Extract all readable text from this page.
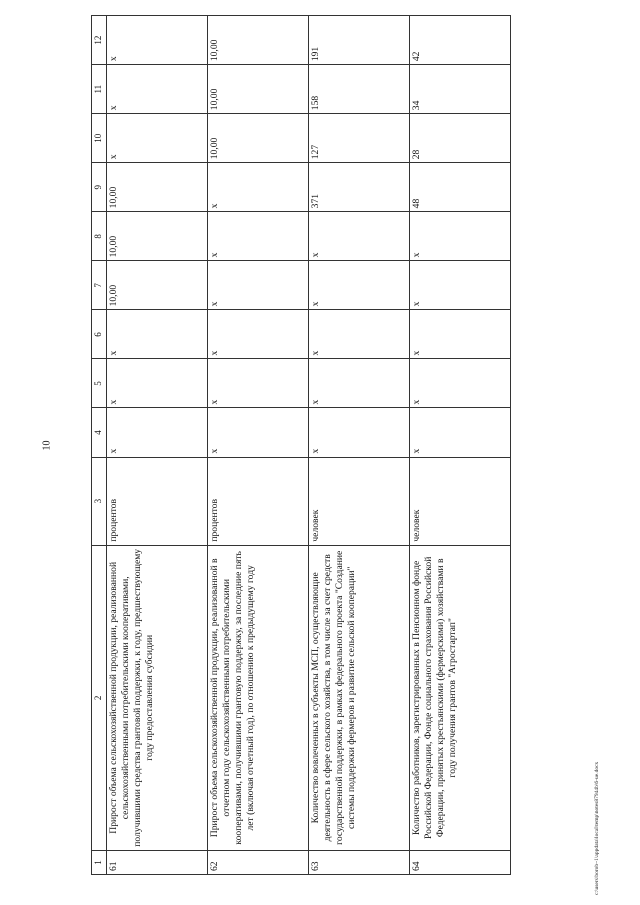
10
1	2	3	4	5	6	7	8	9	10	11	12
61	Прирост объема сельскохозяйственной продукции, реализованной сельскохозяйственными потребительскими кооперативами, получившими средства грантовой поддержки, к году, предшествующему году предоставления субсидии	процентов	x	x	x	10,00	10,00	10,00	x	x	x
62	Прирост объема сельскохозяйственной продукции, реализованной в отчетном году сельскохозяйственными потребительскими кооперативами, получившими грантовую поддержку, за последние пять лет (включая отчетный год), по отношению к предыдущему году	процентов	x	x	x	x	x	x	10,00	10,00	10,00
63	Количество вовлеченных в субъекты МСП, осуществляющие деятельность в сфере сельского хозяйства, в том числе за счет средств государственной поддержки, в рамках федерального проекта "Создание системы поддержки фермеров и развитие сельской кооперации"	человек	x	x	x	x	x	371	127	158	191
64	Количество работников, зарегистрированных в Пенсионном фонде Российской Федерации, Фонде социального страхования Российской Федерации, принятых крестьянскими (фермерскими) хозяйствами в году получения грантов "Агростартап"	человек	x	x	x	x	x	48	28	34	42
c:\users\borob~1\appdata\local\temp\notes87944b\6-ue.docx
